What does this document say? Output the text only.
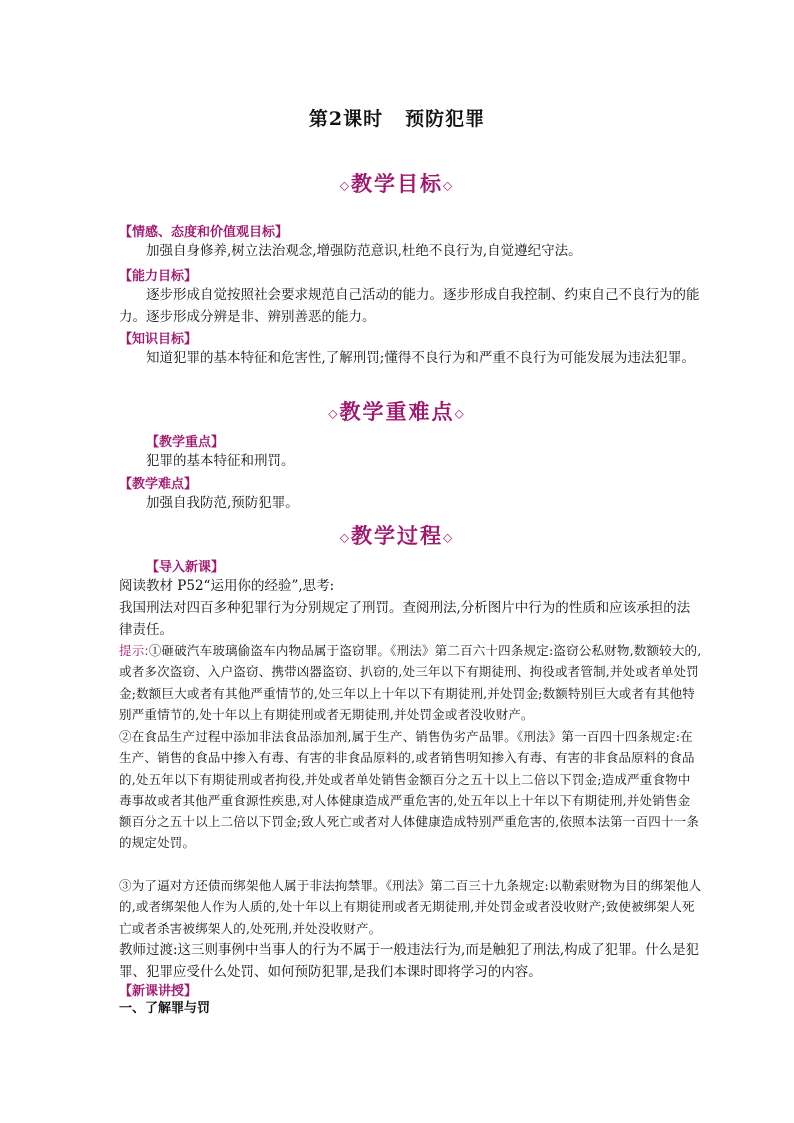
第2课时 预防犯罪
◇教学目标◇
【情感、态度和价值观目标】
加强自身修养,树立法治观念,增强防范意识,杜绝不良行为,自觉遵纪守法。
【能力目标】
逐步形成自觉按照社会要求规范自己活动的能力。逐步形成自我控制、约束自己不良行为的能力。逐步形成分辨是非、辨别善恶的能力。
【知识目标】
知道犯罪的基本特征和危害性,了解刑罚;懂得不良行为和严重不良行为可能发展为违法犯罪。
◇教学重难点◇
【教学重点】
犯罪的基本特征和刑罚。
【教学难点】
加强自我防范,预防犯罪。
◇教学过程◇
【导入新课】
阅读教材 P52“运用你的经验”,思考:
我国刑法对四百多种犯罪行为分别规定了刑罚。查阅刑法,分析图片中行为的性质和应该承担的法律责任。
提示:①砸破汽车玻璃偷盗车内物品属于盗窃罪。《刑法》第二百六十四条规定:盗窃公私财物,数额较大的,或者多次盗窃、入户盗窃、携带凶器盗窃、扒窃的,处三年以下有期徒刑、拘役或者管制,并处或者单处罚金;数额巨大或者有其他严重情节的,处三年以上十年以下有期徒刑,并处罚金;数额特别巨大或者有其他特别严重情节的,处十年以上有期徒刑或者无期徒刑,并处罚金或者没收财产。
②在食品生产过程中添加非法食品添加剂,属于生产、销售伪劣产品罪。《刑法》第一百四十四条规定:在生产、销售的食品中掺入有毒、有害的非食品原料的,或者销售明知掺入有毒、有害的非食品原料的食品的,处五年以下有期徒刑或者拘役,并处或者单处销售金额百分之五十以上二倍以下罚金;造成严重食物中毒事故或者其他严重食源性疾患,对人体健康造成严重危害的,处五年以上十年以下有期徒刑,并处销售金额百分之五十以上二倍以下罚金;致人死亡或者对人体健康造成特别严重危害的,依照本法第一百四十一条的规定处罚。
③为了逼对方还债而绑架他人属于非法拘禁罪。《刑法》第二百三十九条规定:以勒索财物为目的绑架他人的,或者绑架他人作为人质的,处十年以上有期徒刑或者无期徒刑,并处罚金或者没收财产;致使被绑架人死亡或者杀害被绑架人的,处死刑,并处没收财产。
教师过渡:这三则事例中当事人的行为不属于一般违法行为,而是触犯了刑法,构成了犯罪。什么是犯罪、犯罪应受什么处罚、如何预防犯罪,是我们本课时即将学习的内容。
【新课讲授】
一、了解罪与罚
